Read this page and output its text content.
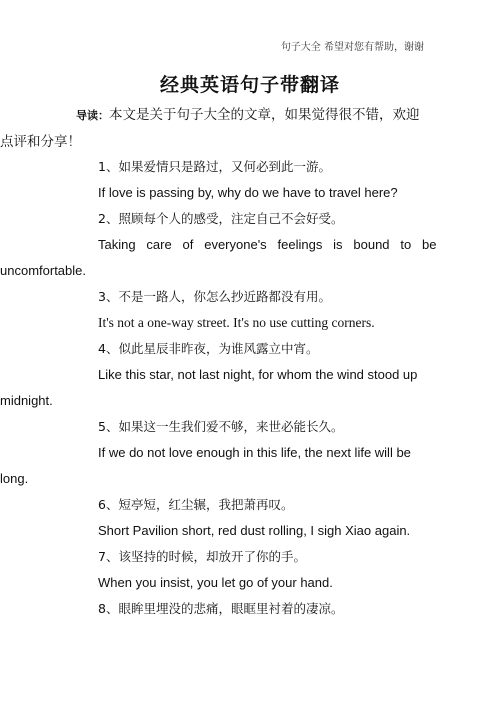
句子大全 希望对您有帮助，谢谢
经典英语句子带翻译
导读：本文是关于句子大全的文章，如果觉得很不错，欢迎
点评和分享！
1、如果爱情只是路过，又何必到此一游。
If love is passing by, why do we have to travel here?
2、照顾每个人的感受，注定自己不会好受。
Taking   care   of   everyone's   feelings   is   bound   to   be
uncomfortable.
3、不是一路人，你怎么抄近路都没有用。
It's not a one-way street. It's no use cutting corners.
4、似此星辰非昨夜，为谁风露立中宵。
Like this star, not last night, for whom the wind stood up
midnight.
5、如果这一生我们爱不够，来世必能长久。
If we do not love enough in this life, the next life will be
long.
6、短亭短，红尘辗，我把萧再叹。
Short Pavilion short, red dust rolling, I sigh Xiao again.
7、该坚持的时候，却放开了你的手。
When you insist, you let go of your hand.
8、眼眸里埋没的悲痛，眼眶里衬着的凄凉。
